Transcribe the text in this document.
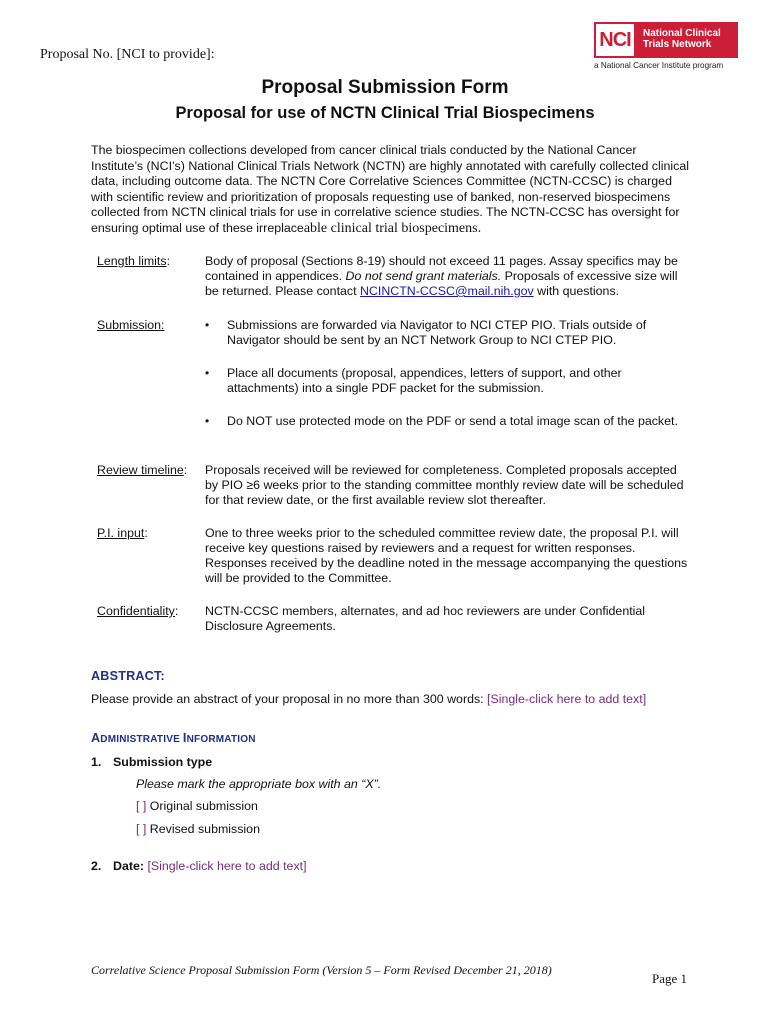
Proposal No. [NCI to provide]:
NCI	National Clinical
Trials Network
a National Cancer Institute program
Proposal Submission Form
Proposal for use of NCTN Clinical Trial Biospecimens
The biospecimen collections developed from cancer clinical trials conducted by the National Cancer Institute’s (NCI’s) National Clinical Trials Network (NCTN) are highly annotated with carefully collected clinical data, including outcome data. The NCTN Core Correlative Sciences Committee (NCTN-CCSC) is charged with scientific review and prioritization of proposals requesting use of banked, non-reserved biospecimens collected from NCTN clinical trials for use in correlative science studies. The NCTN-CCSC has oversight for ensuring optimal use of these irreplaceable clinical trial biospecimens.
Length limits:	Body of proposal (Sections 8-19) should not exceed 11 pages. Assay specifics may be contained in appendices. Do not send grant materials. Proposals of excessive size will be returned. Please contact NCINCTN-CCSC@mail.nih.gov with questions.
Submission:	• Submissions are forwarded via Navigator to NCI CTEP PIO. Trials outside of Navigator should be sent by an NCT Network Group to NCI CTEP PIO.
• Place all documents (proposal, appendices, letters of support, and other attachments) into a single PDF packet for the submission.
• Do NOT use protected mode on the PDF or send a total image scan of the packet.
Review timeline: Proposals received will be reviewed for completeness. Completed proposals accepted by PIO ≥6 weeks prior to the standing committee monthly review date will be scheduled for that review date, or the first available review slot thereafter.
P.I. input:	One to three weeks prior to the scheduled committee review date, the proposal P.I. will receive key questions raised by reviewers and a request for written responses. Responses received by the deadline noted in the message accompanying the questions will be provided to the Committee.
Confidentiality: NCTN-CCSC members, alternates, and ad hoc reviewers are under Confidential Disclosure Agreements.
ABSTRACT:
Please provide an abstract of your proposal in no more than 300 words: [Single-click here to add text]
ADMINISTRATIVE INFORMATION
1. Submission type
Please mark the appropriate box with an “X”.
[ ] Original submission
[ ] Revised submission
2. Date: [Single-click here to add text]
Correlative Science Proposal Submission Form (Version 5 – Form Revised December 21, 2018)
Page 1
